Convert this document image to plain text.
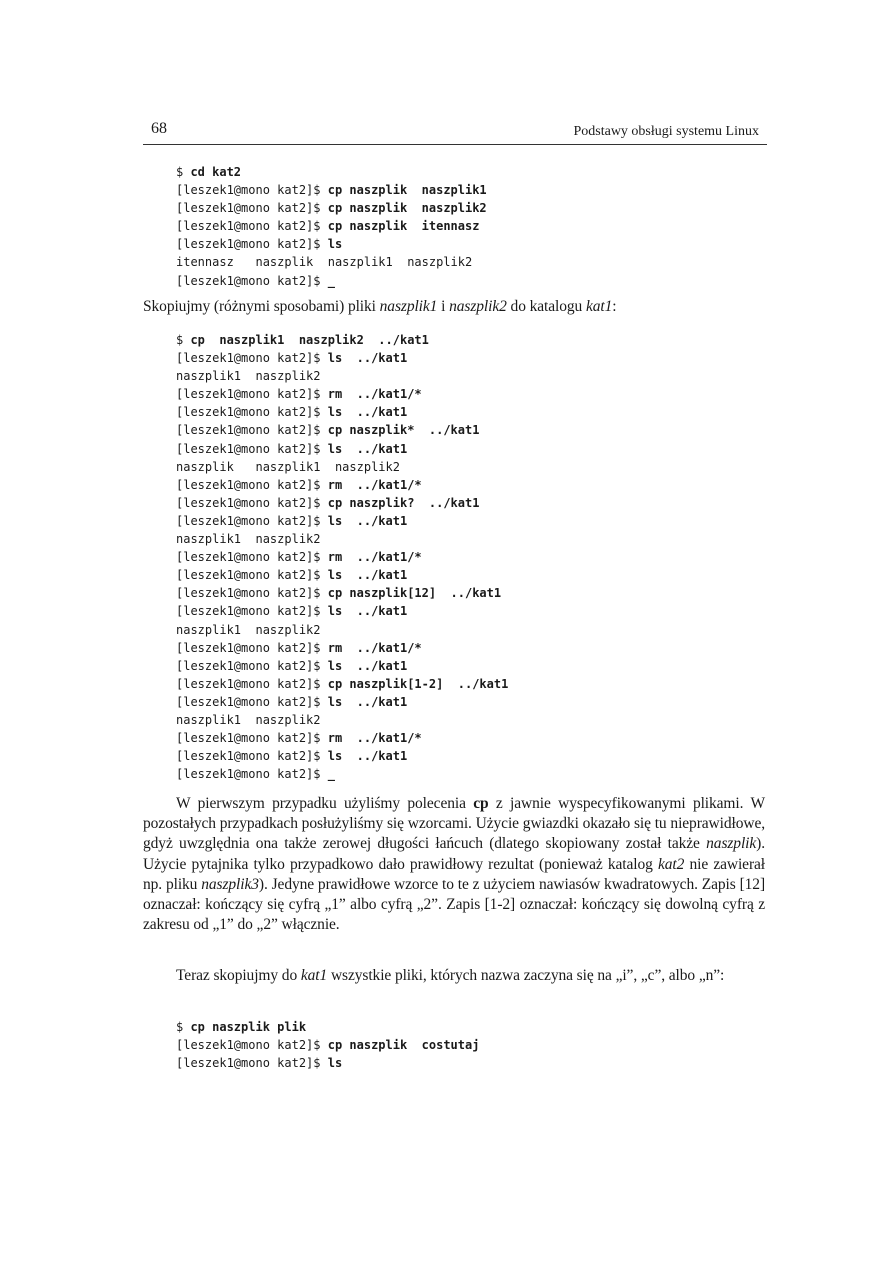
68	Podstawy obsługi systemu Linux
$ cd kat2
[leszek1@mono kat2]$ cp naszplik  naszplik1
[leszek1@mono kat2]$ cp naszplik  naszplik2
[leszek1@mono kat2]$ cp naszplik  itennasz
[leszek1@mono kat2]$ ls
itennasz   naszplik  naszplik1  naszplik2
[leszek1@mono kat2]$ _

Skopiujmy (różnymi sposobami) pliki naszplik1 i naszplik2 do katalogu kat1:

$ cp  naszplik1  naszplik2  ../kat1
[leszek1@mono kat2]$ ls  ../kat1
naszplik1  naszplik2
[leszek1@mono kat2]$ rm  ../kat1/*
[leszek1@mono kat2]$ ls  ../kat1
[leszek1@mono kat2]$ cp naszplik*  ../kat1
[leszek1@mono kat2]$ ls  ../kat1
naszplik   naszplik1  naszplik2
[leszek1@mono kat2]$ rm  ../kat1/*
[leszek1@mono kat2]$ cp naszplik?  ../kat1
[leszek1@mono kat2]$ ls  ../kat1
naszplik1  naszplik2
[leszek1@mono kat2]$ rm  ../kat1/*
[leszek1@mono kat2]$ ls  ../kat1
[leszek1@mono kat2]$ cp naszplik[12]  ../kat1
[leszek1@mono kat2]$ ls  ../kat1
naszplik1  naszplik2
[leszek1@mono kat2]$ rm  ../kat1/*
[leszek1@mono kat2]$ ls  ../kat1
[leszek1@mono kat2]$ cp naszplik[1-2]  ../kat1
[leszek1@mono kat2]$ ls  ../kat1
naszplik1  naszplik2
[leszek1@mono kat2]$ rm  ../kat1/*
[leszek1@mono kat2]$ ls  ../kat1
[leszek1@mono kat2]$ _

W pierwszym przypadku użyliśmy polecenia cp z jawnie wyspecyfikowanymi plikami. W pozostałych przypadkach posłużyliśmy się wzorcami. Użycie gwiazdki okazało się tu nieprawidłowe, gdyż uwzględnia ona także zerowej długości łańcuch (dlatego skopiowany został także naszplik). Użycie pytajnika tylko przypadkowo dało prawidłowy rezultat (ponieważ katalog kat2 nie zawierał np. pliku naszplik3). Jedyne prawidłowe wzorce to te z użyciem nawiasów kwadratowych. Zapis [12] oznaczał: kończący się cyfrą „1” albo cyfrą „2”. Zapis [1-2] oznaczał: kończący się dowolną cyfrą z zakresu od „1” do „2” włącznie.

Teraz skopiujmy do kat1 wszystkie pliki, których nazwa zaczyna się na „i”, „c”, albo „n”:

$ cp naszplik plik
[leszek1@mono kat2]$ cp naszplik  costutaj
[leszek1@mono kat2]$ ls
